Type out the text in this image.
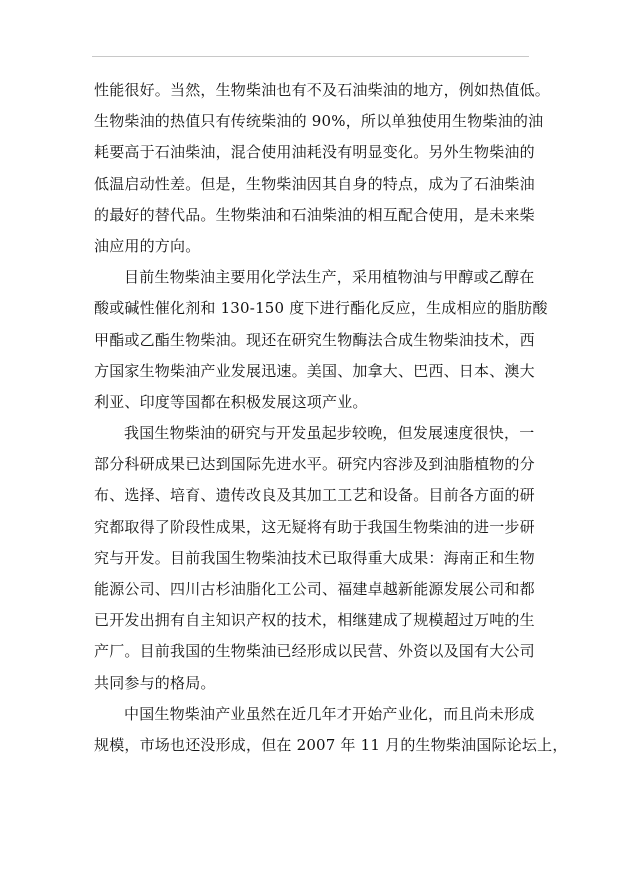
性能很好。当然，生物柴油也有不及石油柴油的地方，例如热值低。
生物柴油的热值只有传统柴油的 90%，所以单独使用生物柴油的油
耗要高于石油柴油，混合使用油耗没有明显变化。另外生物柴油的
低温启动性差。但是，生物柴油因其自身的特点，成为了石油柴油
的最好的替代品。生物柴油和石油柴油的相互配合使用，是未来柴
油应用的方向。
目前生物柴油主要用化学法生产，采用植物油与甲醇或乙醇在
酸或碱性催化剂和 130-150 度下进行酯化反应，生成相应的脂肪酸
甲酯或乙酯生物柴油。现还在研究生物酶法合成生物柴油技术，西
方国家生物柴油产业发展迅速。美国、加拿大、巴西、日本、澳大
利亚、印度等国都在积极发展这项产业。
我国生物柴油的研究与开发虽起步较晚，但发展速度很快，一
部分科研成果已达到国际先进水平。研究内容涉及到油脂植物的分
布、选择、培育、遗传改良及其加工工艺和设备。目前各方面的研
究都取得了阶段性成果，这无疑将有助于我国生物柴油的进一步研
究与开发。目前我国生物柴油技术已取得重大成果：海南正和生物
能源公司、四川古杉油脂化工公司、福建卓越新能源发展公司和都
已开发出拥有自主知识产权的技术，相继建成了规模超过万吨的生
产厂。目前我国的生物柴油已经形成以民营、外资以及国有大公司
共同参与的格局。
中国生物柴油产业虽然在近几年才开始产业化，而且尚未形成
规模，市场也还没形成，但在 2007 年 11 月的生物柴油国际论坛上，
